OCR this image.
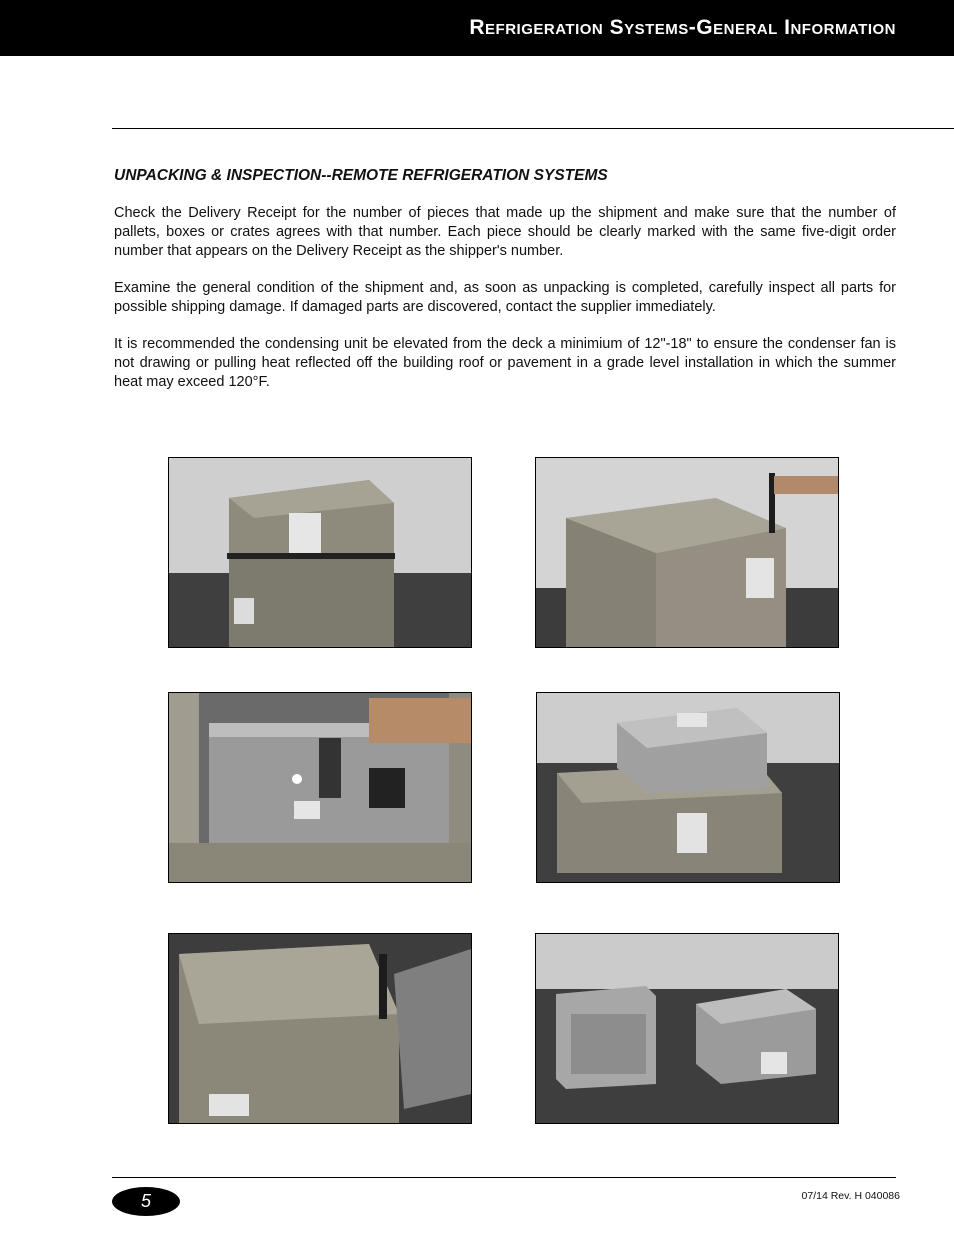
Refrigeration Systems-General Information
UNPACKING & INSPECTION--REMOTE REFRIGERATION SYSTEMS

Check the Delivery Receipt for the number of pieces that made up the shipment and make sure that the number of pallets, boxes or crates agrees with that number. Each piece should be clearly marked with the same five-digit order number that appears on the Delivery Receipt as the shipper's number.

Examine the general condition of the shipment and, as soon as unpacking is completed, carefully inspect all parts for possible shipping damage. If damaged parts are discovered, contact the supplier immediately.

It is recommended the condensing unit be elevated from the deck a minimium of 12"-18" to ensure the condenser fan is not drawing or pulling heat reflected off the building roof or pavement in a grade level installation in which the summer heat may exceed 120°F.

5	07/14 Rev. H 040086
